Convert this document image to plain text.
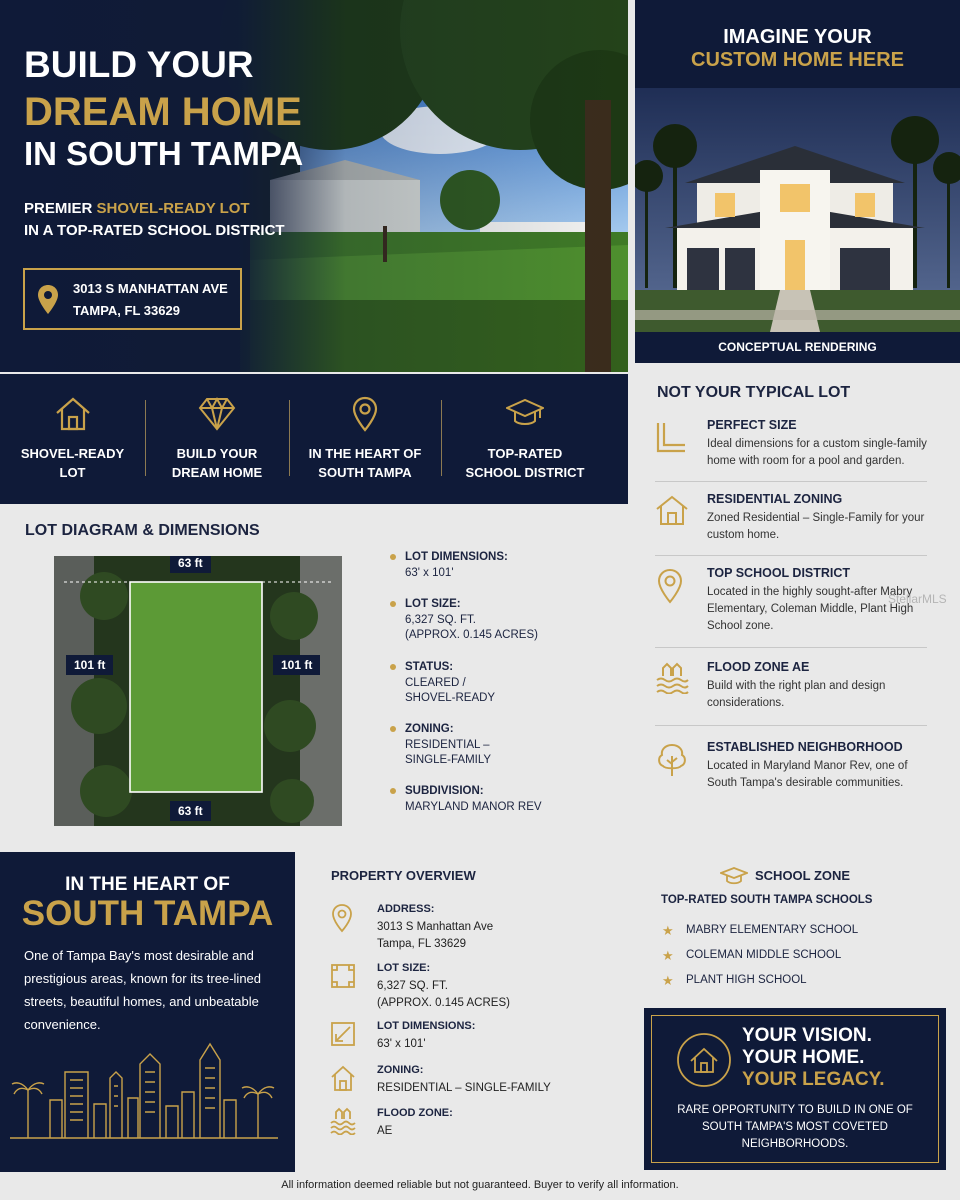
BUILD YOUR
DREAM HOME
IN SOUTH TAMPA
PREMIER SHOVEL-READY LOT
IN A TOP-RATED SCHOOL DISTRICT
3013 S MANHATTAN AVE
TAMPA, FL 33629
IMAGINE YOUR
CUSTOM HOME HERE
CONCEPTUAL RENDERING
SHOVEL-READY
LOT
BUILD YOUR
DREAM HOME
IN THE HEART OF
SOUTH TAMPA
TOP-RATED
SCHOOL DISTRICT
LOT DIAGRAM & DIMENSIONS
63 ft
63 ft
101 ft	101 ft
LOT DIMENSIONS:
63' x 101'
LOT SIZE:
6,327 SQ. FT.
(APPROX. 0.145 ACRES)
STATUS:
CLEARED /
SHOVEL-READY
ZONING:
RESIDENTIAL –
SINGLE-FAMILY
SUBDIVISION:
MARYLAND MANOR REV
NOT YOUR TYPICAL LOT
PERFECT SIZE
Ideal dimensions for a custom single-family home with room for a pool and garden.
RESIDENTIAL ZONING
Zoned Residential – Single-Family for your custom home.
TOP SCHOOL DISTRICT
Located in the highly sought-after Mabry Elementary, Coleman Middle, Plant High School zone.
FLOOD ZONE AE
Build with the right plan and design considerations.
ESTABLISHED NEIGHBORHOOD
Located in Maryland Manor Rev, one of South Tampa's desirable communities.
StellarMLS
IN THE HEART OF
SOUTH TAMPA
One of Tampa Bay's most desirable and prestigious areas, known for its tree-lined streets, beautiful homes, and unbeatable convenience.
PROPERTY OVERVIEW
ADDRESS:
3013 S Manhattan Ave
Tampa, FL 33629
LOT SIZE:
6,327 SQ. FT.
(APPROX. 0.145 ACRES)
LOT DIMENSIONS:
63' x 101'
ZONING:
RESIDENTIAL – SINGLE-FAMILY
FLOOD ZONE:
AE
SCHOOL ZONE
TOP-RATED SOUTH TAMPA SCHOOLS
★ MABRY ELEMENTARY SCHOOL
★ COLEMAN MIDDLE SCHOOL
★ PLANT HIGH SCHOOL
YOUR VISION.
YOUR HOME.
YOUR LEGACY.
RARE OPPORTUNITY TO BUILD IN ONE OF SOUTH TAMPA'S MOST COVETED NEIGHBORHOODS.
All information deemed reliable but not guaranteed. Buyer to verify all information.
